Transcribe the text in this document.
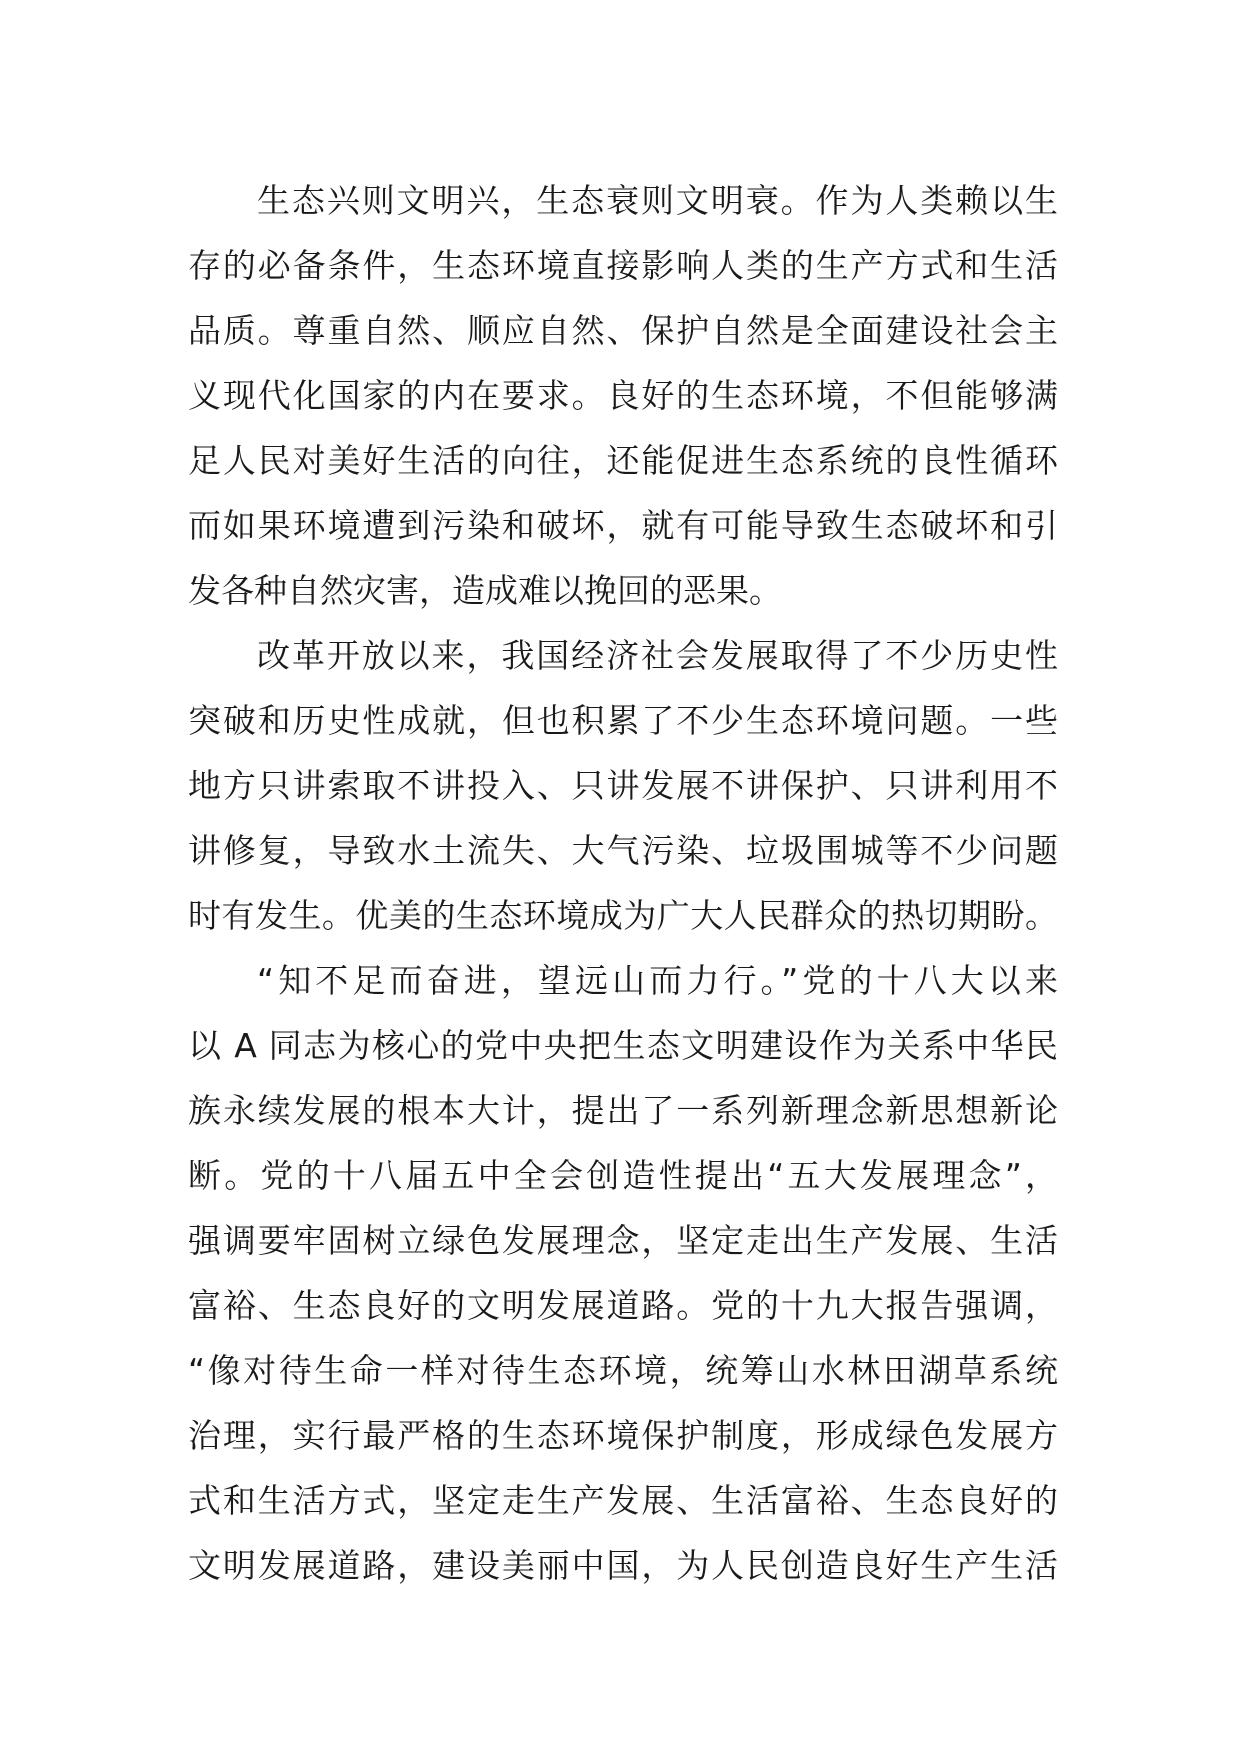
生态兴则文明兴，生态衰则文明衰。作为人类赖以生
存的必备条件，生态环境直接影响人类的生产方式和生活
品质。尊重自然、顺应自然、保护自然是全面建设社会主
义现代化国家的内在要求。良好的生态环境，不但能够满
足人民对美好生活的向往，还能促进生态系统的良性循环
而如果环境遭到污染和破坏，就有可能导致生态破坏和引
发各种自然灾害，造成难以挽回的恶果。
改革开放以来，我国经济社会发展取得了不少历史性
突破和历史性成就，但也积累了不少生态环境问题。一些
地方只讲索取不讲投入、只讲发展不讲保护、只讲利用不
讲修复，导致水土流失、大气污染、垃圾围城等不少问题
时有发生。优美的生态环境成为广大人民群众的热切期盼。
“知不足而奋进，望远山而力行。”党的十八大以来
以 A 同志为核心的党中央把生态文明建设作为关系中华民
族永续发展的根本大计，提出了一系列新理念新思想新论
断。党的十八届五中全会创造性提出“五大发展理念”，
强调要牢固树立绿色发展理念，坚定走出生产发展、生活
富裕、生态良好的文明发展道路。党的十九大报告强调，
“像对待生命一样对待生态环境，统筹山水林田湖草系统
治理，实行最严格的生态环境保护制度，形成绿色发展方
式和生活方式，坚定走生产发展、生活富裕、生态良好的
文明发展道路，建设美丽中国，为人民创造良好生产生活
